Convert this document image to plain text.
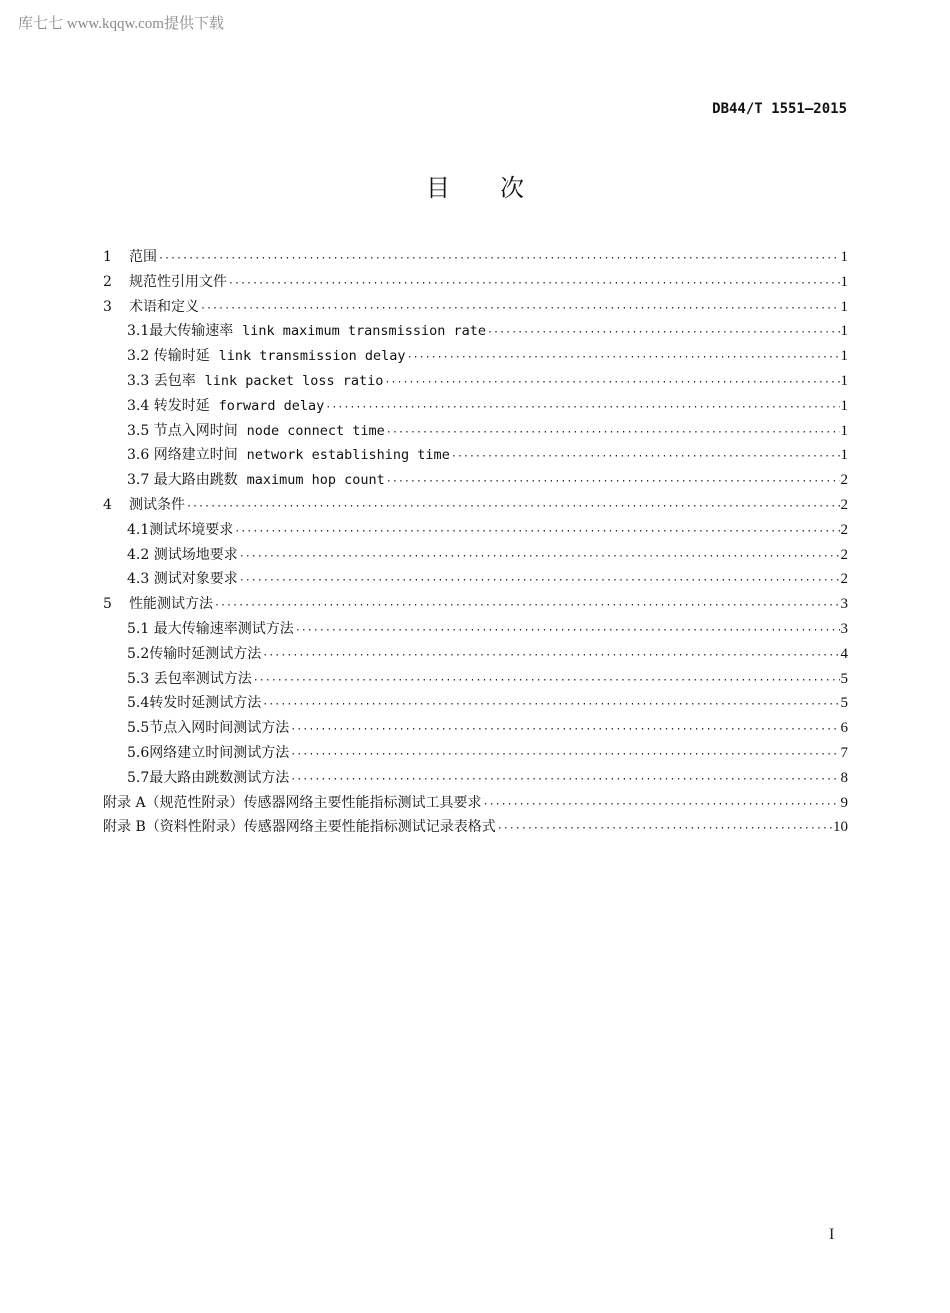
库七七 www.kqqw.com提供下载
DB44/T 1551—2015
目次
1	范围 ·····	1
2	规范性引用文件 ·····	1
3	术语和定义 ·····	1
3.1最大传输速率  link maximum transmission rate ·····	1
3.2 传输时延  link transmission delay ·····	1
3.3 丢包率  link packet loss ratio ·····	1
3.4 转发时延  forward delay ·····	1
3.5 节点入网时间  node connect time ·····	1
3.6 网络建立时间  network establishing time ·····	1
3.7 最大路由跳数  maximum hop count ·····	2
4	测试条件 ·····	2
4.1测试坏境要求 ·····	2
4.2 测试场地要求 ·····	2
4.3 测试对象要求 ·····	2
5	性能测试方法 ·····	3
5.1 最大传输速率测试方法 ·····	3
5.2传输时延测试方法 ·····	4
5.3 丢包率测试方法 ·····	5
5.4转发时延测试方法 ·····	5
5.5节点入网时间测试方法 ·····	6
5.6网络建立时间测试方法 ·····	7
5.7最大路由跳数测试方法 ·····	8
附录 A（规范性附录）传感器网络主要性能指标测试工具要求 ·····	9
附录 B（资料性附录）传感器网络主要性能指标测试记录表格式 ·····	10
I
